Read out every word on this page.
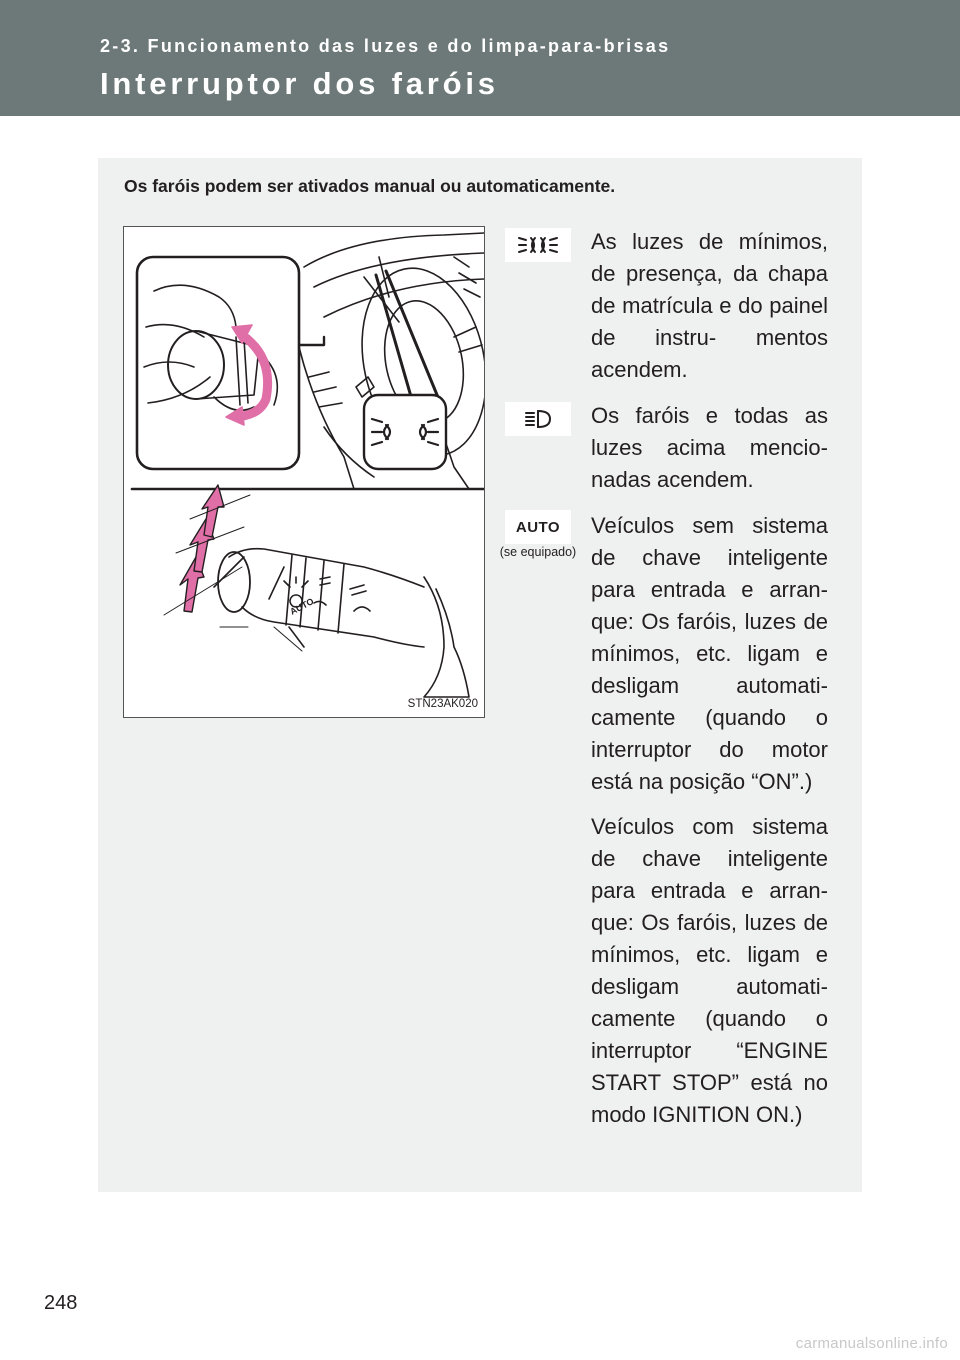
2-3. Funcionamento das luzes e do limpa-para-brisas
Interruptor dos faróis
Os faróis podem ser ativados manual ou automaticamente.
AUTO
STN23AK020
As luzes de mínimos, de presença, da chapa de matrícula e do painel de instru- mentos acendem.
Os faróis e todas as luzes acima mencio- nadas acendem.
AUTO
(se equipado)
Veículos sem sistema de chave inteligente para entrada e arran- que: Os faróis, luzes de mínimos, etc. ligam e desligam automati- camente (quando o interruptor do motor está na posição “ON”.)
Veículos com sistema de chave inteligente para entrada e arran- que: Os faróis, luzes de mínimos, etc. ligam e desligam automati- camente (quando o interruptor “ENGINE START STOP” está no modo IGNITION ON.)
248
carmanualsonline.info
